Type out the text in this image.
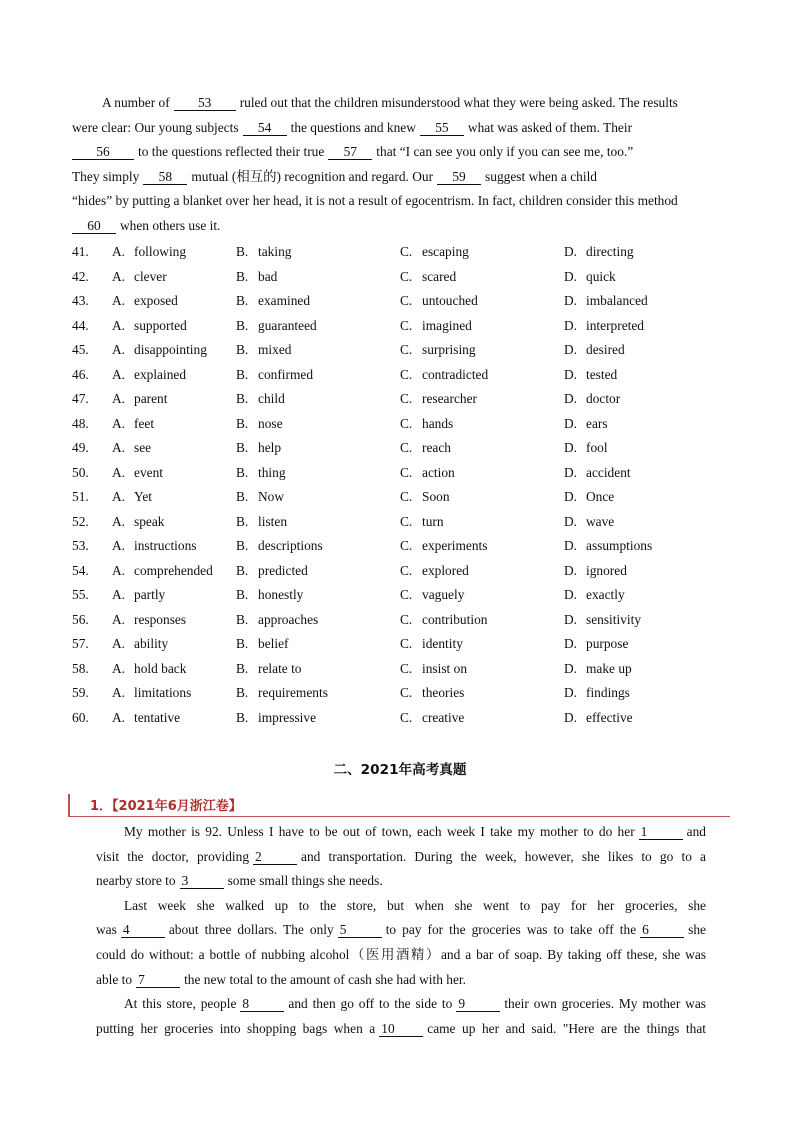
A number of 53 ruled out that the children misunderstood what they were being asked. The results
were clear: Our young subjects 54 the questions and knew 55 what was asked of them. Their
56 to the questions reflected their true 57 that “I can see you only if you can see me, too.”
They simply 58 mutual (相互的) recognition and regard. Our 59 suggest when a child
“hides” by putting a blanket over her head, it is not a result of egocentrism. In fact, children consider this method
60 when others use it.
41. A. following	B. taking	C. escaping	D. directing
42. A. clever	B. bad	C. scared	D. quick
43. A. exposed	B. examined	C. untouched	D. imbalanced
44. A. supported	B. guaranteed	C. imagined	D. interpreted
45. A. disappointing	B. mixed	C. surprising	D. desired
46. A. explained	B. confirmed	C. contradicted	D. tested
47. A. parent	B. child	C. researcher	D. doctor
48. A. feet	B. nose	C. hands	D. ears
49. A. see	B. help	C. reach	D. fool
50. A. event	B. thing	C. action	D. accident
51. A. Yet	B. Now	C. Soon	D. Once
52. A. speak	B. listen	C. turn	D. wave
53. A. instructions	B. descriptions	C. experiments	D. assumptions
54. A. comprehended	B. predicted	C. explored	D. ignored
55. A. partly	B. honestly	C. vaguely	D. exactly
56. A. responses	B. approaches	C. contribution	D. sensitivity
57. A. ability	B. belief	C. identity	D. purpose
58. A. hold back	B. relate to	C. insist on	D. make up
59. A. limitations	B. requirements	C. theories	D. findings
60. A. tentative	B. impressive	C. creative	D. effective
二、2021年高考真题
1．【2021年6月浙江卷】
My mother is 92. Unless I have to be out of town, each week I take my mother to do her 1	and
visit the doctor, providing 2	and transportation. During the week, however, she likes to go to a
nearby store to 3	some small things she needs.
Last week she walked up to the store, but when she went to pay for her groceries, she
was 4	about three dollars. The only 5	to pay for the groceries was to take off the 6	she
could do without: a bottle of nubbing alcohol（医用酒精）and a bar of soap. By taking off these, she was
able to 7	the new total to the amount of cash she had with her.
At this store, people 8	and then go off to the side to 9	their own groceries. My mother was
putting her groceries into shopping bags when a 10 came up her and said. "Here are the things that
